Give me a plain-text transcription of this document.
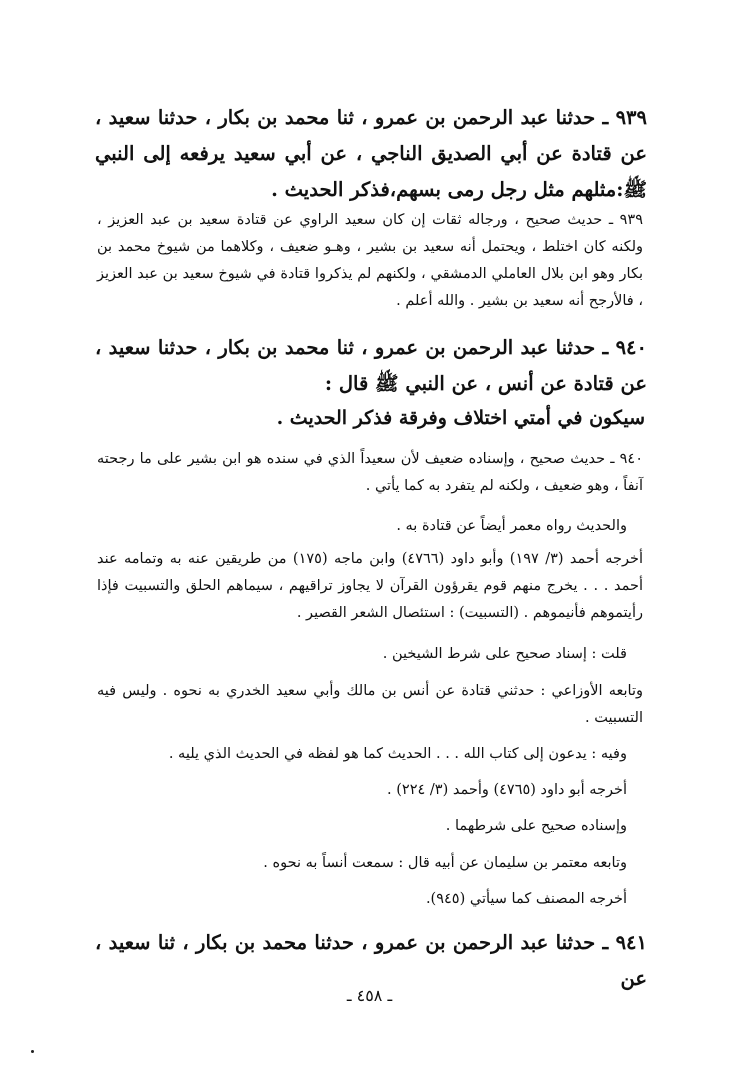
٩٣٩ ـ حدثنا عبد الرحمن بن عمرو ، ثنا محمد بن بكار ، حدثنا سعيد ، عن قتادة عن أبي الصديق الناجي ، عن أبي سعيد يرفعه إلى النبي ﷺ:مثلهم مثل رجل رمى بسهم،فذكر الحديث .
٩٣٩ ـ حديث صحيح ، ورجاله ثقات إن كان سعيد الراوي عن قتادة سعيد بن عبد العزيز ، ولكنه كان اختلط ، ويحتمل أنه سعيد بن بشير ، وهـو ضعيف ، وكلاهما من شيوخ محمد بن بكار وهو ابن بلال العاملي الدمشقي ، ولكنهم لم يذكروا قتادة في شيوخ سعيد بن عبد العزيز ، فالأرجح أنه سعيد بن بشير . والله أعلم .
٩٤٠ ـ حدثنا عبد الرحمن بن عمرو ، ثنا محمد بن بكار ، حدثنا سعيد ، عن قتادة عن أنس ، عن النبي ﷺ قال :
سيكون في أمتي اختلاف وفرقة فذكر الحديث .
٩٤٠ ـ حديث صحيح ، وإسناده ضعيف لأن سعيداً الذي في سنده هو ابن بشير على ما رجحته آنفاً ، وهو ضعيف ، ولكنه لم يتفرد به كما يأتي .
والحديث رواه معمر أيضاً عن قتادة به .
أخرجه أحمد (٣/ ١٩٧) وأبو داود (٤٧٦٦) وابن ماجه (١٧٥) من طريقين عنه به وتمامه عند أحمد . . . يخرج منهم قوم يقرؤون القرآن لا يجاوز تراقيهم ، سيماهم الحلق والتسبيت فإذا رأيتموهم فأنيموهم . (التسبيت) : استئصال الشعر القصير .
قلت : إسناد صحيح على شرط الشيخين .
وتابعه الأوزاعي : حدثني قتادة عن أنس بن مالك وأبي سعيد الخدري به نحوه . وليس فيه التسبيت .
وفيه : يدعون إلى كتاب الله . . . الحديث كما هو لفظه في الحديث الذي يليه .
أخرجه أبو داود (٤٧٦٥) وأحمد (٣/ ٢٢٤) .
وإسناده صحيح على شرطهما .
وتابعه معتمر بن سليمان عن أبيه قال : سمعت أنساً به نحوه .
أخرجه المصنف كما سيأتي (٩٤٥).
٩٤١ ـ حدثنا عبد الرحمن بن عمرو ، حدثنا محمد بن بكار ، ثنا سعيد ، عن
ـ ٤٥٨ ـ
